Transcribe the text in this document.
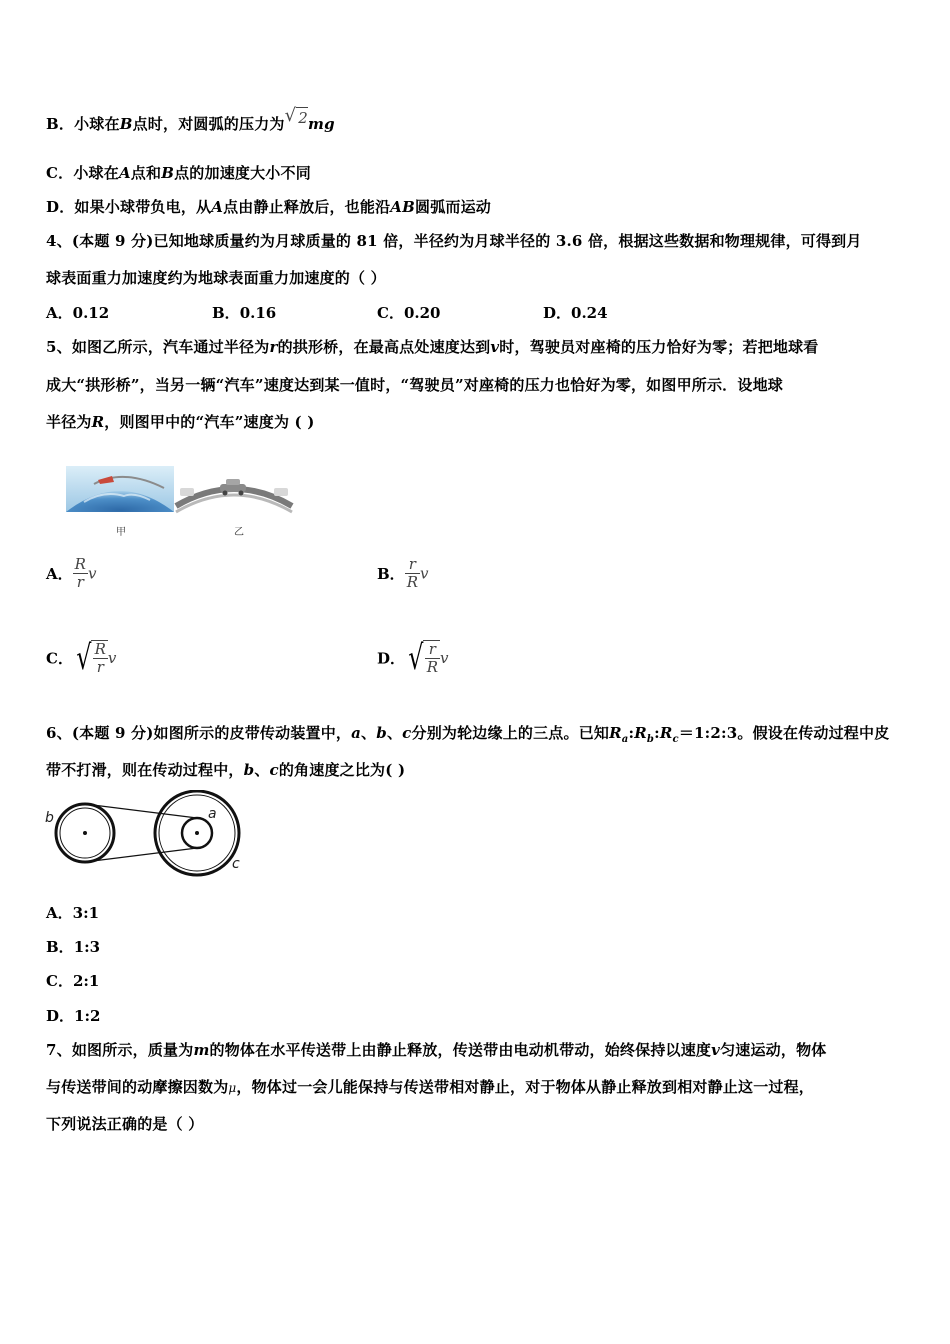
B．小球在B点时，对圆弧的压力为√ 2mg
C．小球在A点和B点的加速度大小不同
D．如果小球带负电，从A点由静止释放后，也能沿AB圆弧而运动
4、(本题 9 分)已知地球质量约为月球质量的 81 倍，半径约为月球半径的 3.6 倍，根据这些数据和物理规律，可得到月
球表面重力加速度约为地球表面重力加速度的（ ）
A．0.12	B．0.16	C．0.20	D．0.24
5、如图乙所示，汽车通过半径为r的拱形桥，在最高点处速度达到v时，驾驶员对座椅的压力恰好为零；若把地球看
成大“拱形桥”，当另一辆“汽车”速度达到某一值时，“驾驶员”对座椅的压力也恰好为零，如图甲所示．设地球
半径为R，则图甲中的“汽车”速度为 ( )
甲	乙
A． $\frac{R}{r}$ v	B． $\frac{r}{R}$ v
C．√ $\frac{R}{r}$ v	D．√ $\frac{r}{R}$ v
6、(本题 9 分)如图所示的皮带传动装置中，a、b、c分别为轮边缘上的三点。已知$R_a:R_b:R_c=1:2:3$。假设在传动过程中皮
带不打滑，则在传动过程中，b、c的角速度之比为( )
b	a
c
A．3:1
B．1:3
C．2:1
D．1:2
7、如图所示，质量为m的物体在水平传送带上由静止释放，传送带由电动机带动，始终保持以速度v匀速运动，物体
与传送带间的动摩擦因数为μ，物体过一会儿能保持与传送带相对静止，对于物体从静止释放到相对静止这一过程，
下列说法正确的是（ ）
